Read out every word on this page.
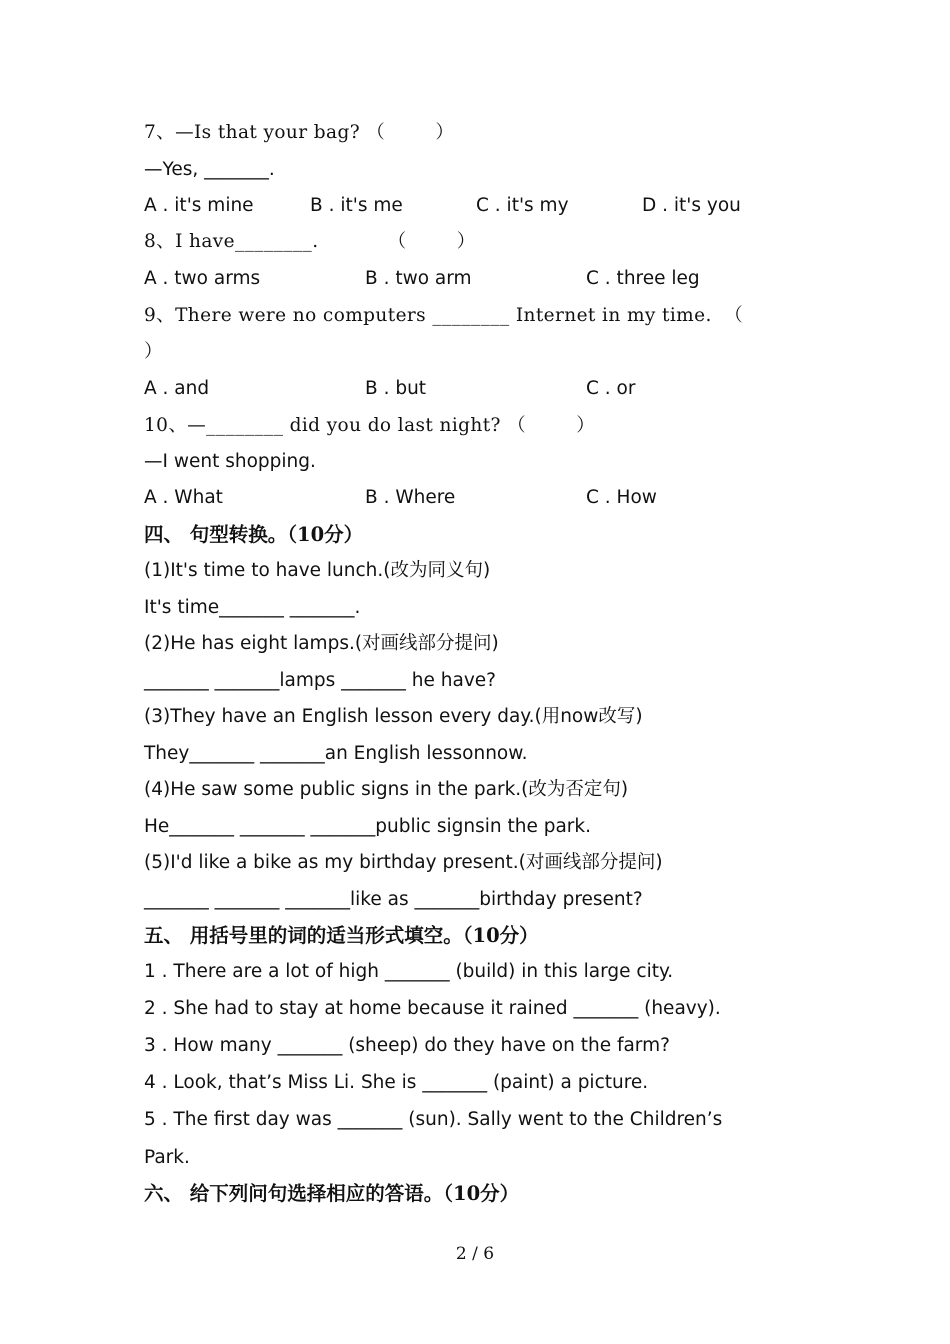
7、—Is that your bag? （        ）
—Yes, _______.
A . it's mine	B . it's me	C . it's my	D . it's you
8、I have________.           （        ）
A . two arms	B . two arm	C . three leg
9、There were no computers ________ Internet in my time.  （
）
A . and	B . but	C . or
10、—________ did you do last night? （        ）
—I went shopping.
A . What	B . Where	C . How
四、 句型转换。（10分）
(1)It's time to have lunch.(改为同义句)
It's time_______ _______.
(2)He has eight lamps.(对画线部分提问)
_______ _______lamps _______ he have?
(3)They have an English lesson every day.(用now改写)
They_______ _______an English lessonnow.
(4)He saw some public signs in the park.(改为否定句)
He_______ _______ _______public signsin the park.
(5)I'd like a bike as my birthday present.(对画线部分提问)
_______ _______ _______like as _______birthday present?
五、 用括号里的词的适当形式填空。（10分）
1 . There are a lot of high _______ (build) in this large city.
2 . She had to stay at home because it rained _______ (heavy).
3 . How many _______ (sheep) do they have on the farm?
4 . Look, that’s Miss Li. She is _______ (paint) a picture.
5 . The first day was _______ (sun). Sally went to the Children’s
Park.
六、 给下列问句选择相应的答语。（10分）
2 / 6
